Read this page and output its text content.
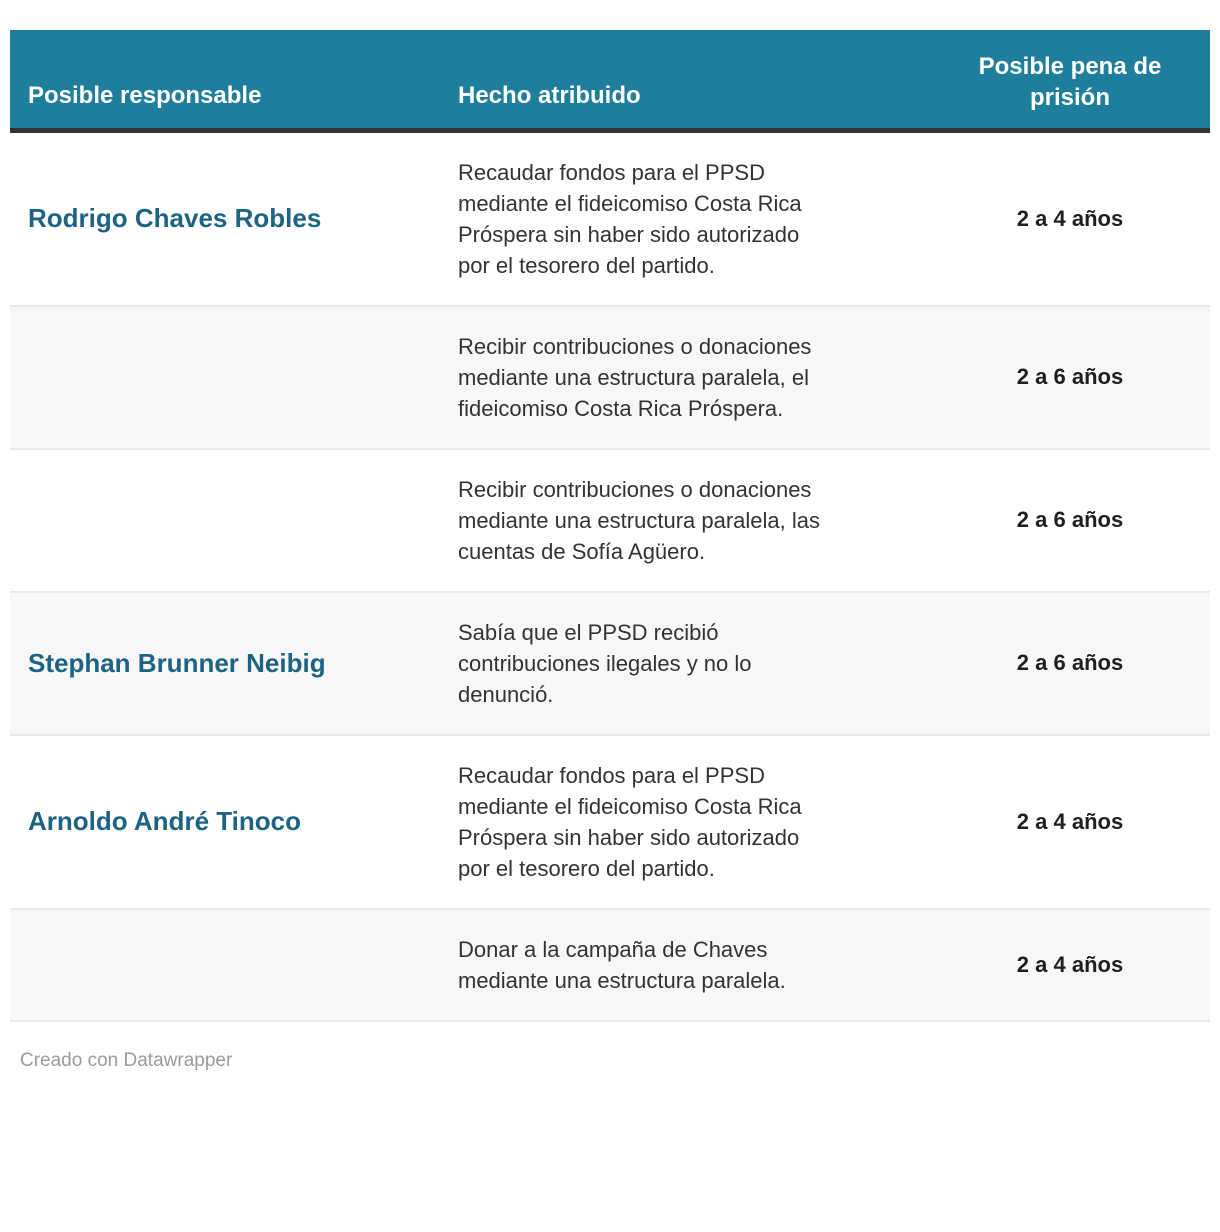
Posible responsable	Hecho atribuido	Posible pena de prisión
Rodrigo Chaves Robles	Recaudar fondos para el PPSD mediante el fideicomiso Costa Rica Próspera sin haber sido autorizado por el tesorero del partido.	2 a 4 años

	Recibir contribuciones o donaciones mediante una estructura paralela, el fideicomiso Costa Rica Próspera.	2 a 6 años

	Recibir contribuciones o donaciones mediante una estructura paralela, las cuentas de Sofía Agüero.	2 a 6 años
Stephan Brunner Neibig	Sabía que el PPSD recibió contribuciones ilegales y no lo denunció.	2 a 6 años
Arnoldo André Tinoco	Recaudar fondos para el PPSD mediante el fideicomiso Costa Rica Próspera sin haber sido autorizado por el tesorero del partido.	2 a 4 años

	Donar a la campaña de Chaves mediante una estructura paralela.	2 a 4 años
Creado con Datawrapper
